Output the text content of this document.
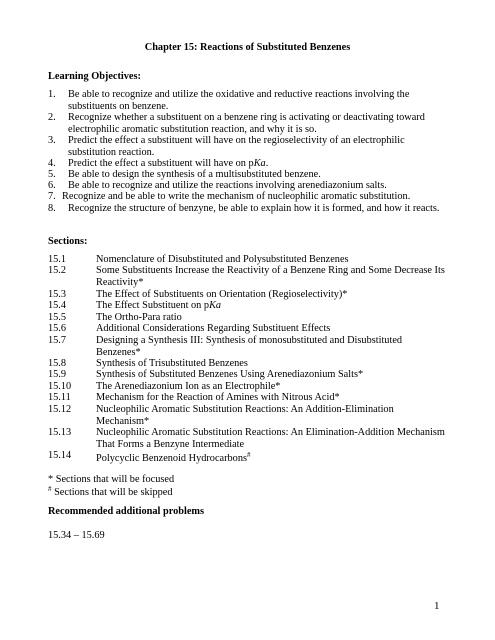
Chapter 15: Reactions of Substituted Benzenes
Learning Objectives:
1. Be able to recognize and utilize the oxidative and reductive reactions involving the substituents on benzene.
2. Recognize whether a substituent on a benzene ring is activating or deactivating toward electrophilic aromatic substitution reaction, and why it is so.
3. Predict the effect a substituent will have on the regioselectivity of an electrophilic substitution reaction.
4. Predict the effect a substituent will have on pKa.
5. Be able to design the synthesis of a multisubstituted benzene.
6. Be able to recognize and utilize the reactions involving arenediazonium salts.
7. Recognize and be able to write the mechanism of nucleophilic aromatic substitution.
8. Recognize the structure of benzyne, be able to explain how it is formed, and how it reacts.
Sections:
15.1	Nomenclature of Disubstituted and Polysubstituted Benzenes
15.2	Some Substituents Increase the Reactivity of a Benzene Ring and Some Decrease Its Reactivity*
15.3	The Effect of Substituents on Orientation (Regioselectivity)*
15.4	The Effect Substituent on pKa
15.5	The Ortho-Para ratio
15.6	Additional Considerations Regarding Substituent Effects
15.7	Designing a Synthesis III: Synthesis of monosubstituted and Disubstituted Benzenes*
15.8	Synthesis of Trisubstituted Benzenes
15.9	Synthesis of Substituted Benzenes Using Arenediazonium Salts*
15.10 The Arenediazonium Ion as an Electrophile*
15.11 Mechanism for the Reaction of Amines with Nitrous Acid*
15.12 Nucleophilic Aromatic Substitution Reactions: An Addition-Elimination Mechanism*
15.13 Nucleophilic Aromatic Substitution Reactions: An Elimination-Addition Mechanism That Forms a Benzyne Intermediate
15.14 Polycyclic Benzenoid Hydrocarbons#
* Sections that will be focused
# Sections that will be skipped
Recommended additional problems
15.34 – 15.69
1
